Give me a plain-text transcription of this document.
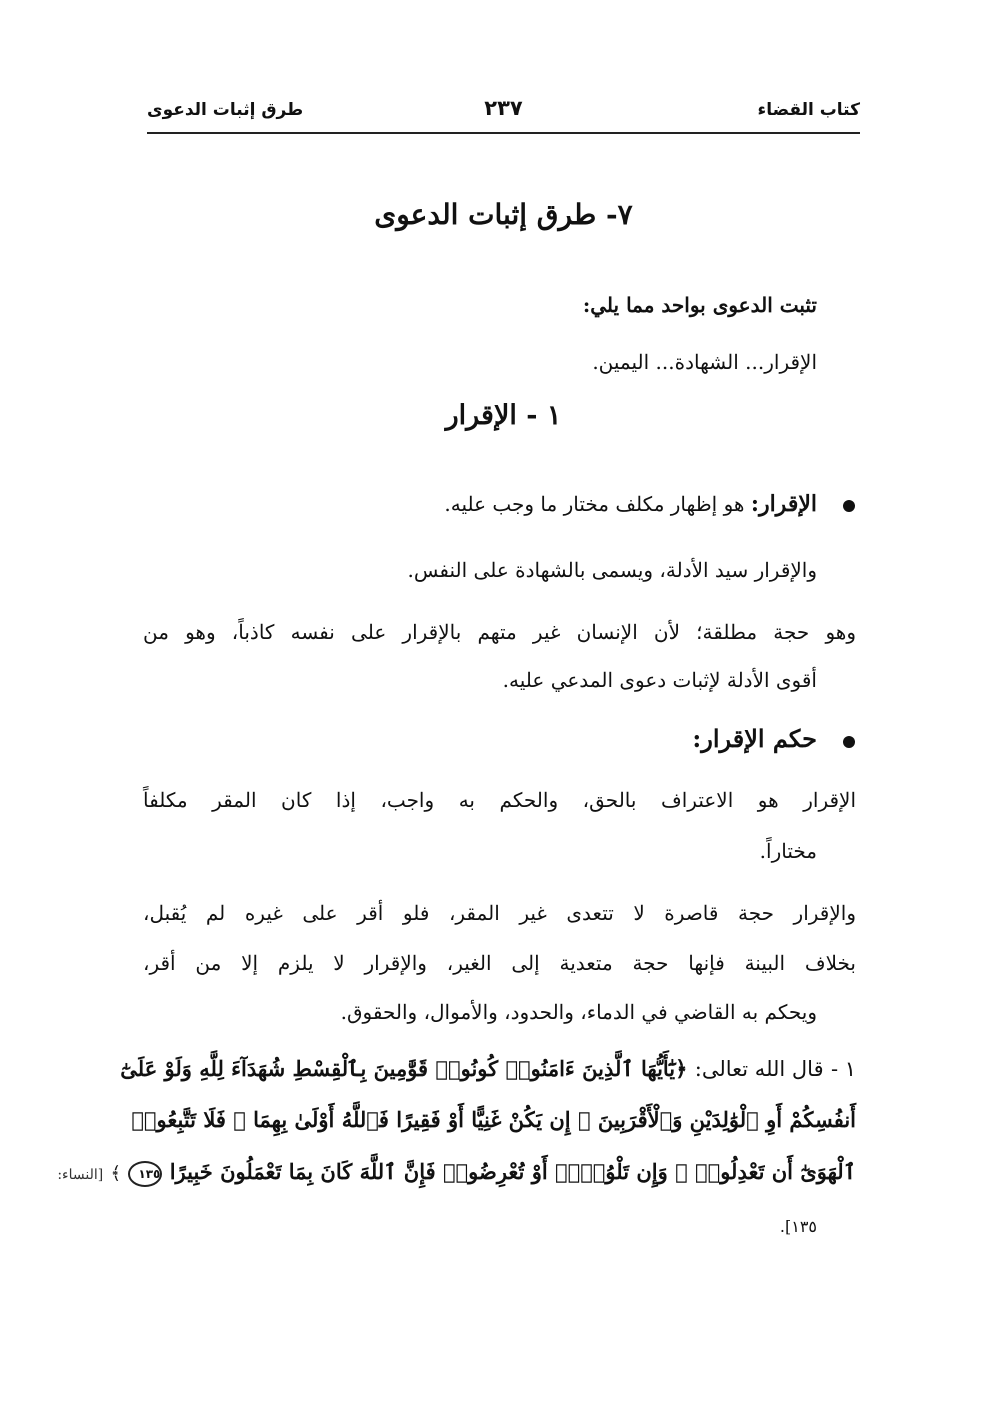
كتاب القضاء
٢٣٧
طرق إثبات الدعوى
٧- طرق إثبات الدعوى
تثبت الدعوى بواحد مما يلي:
الإقرار... الشهادة... اليمين.
١ - الإقرار
الإقرار: هو إظهار مكلف مختار ما وجب عليه.
والإقرار سيد الأدلة، ويسمى بالشهادة على النفس.
وهو حجة مطلقة؛ لأن الإنسان غير متهم بالإقرار على نفسه كاذباً، وهو من
أقوى الأدلة لإثبات دعوى المدعي عليه.
حكم الإقرار:
الإقرار هو الاعتراف بالحق، والحكم به واجب، إذا كان المقر مكلفاً
مختاراً.
والإقرار حجة قاصرة لا تتعدى غير المقر، فلو أقر على غيره لم يُقبل،
بخلاف البينة فإنها حجة متعدية إلى الغير، والإقرار لا يلزم إلا من أقر،
ويحكم به القاضي في الدماء، والحدود، والأموال، والحقوق.
١ - قال الله تعالى: ﴿يَٰٓأَيُّهَا ٱلَّذِينَ ءَامَنُوا۟ كُونُوا۟ قَوَّٰمِينَ بِٱلْقِسْطِ شُهَدَآءَ لِلَّهِ وَلَوْ عَلَىٰٓ
أَنفُسِكُمْ أَوِ ٱلْوَٰلِدَيْنِ وَٱلْأَقْرَبِينَ ۚ إِن يَكُنْ غَنِيًّا أَوْ فَقِيرًا فَٱللَّهُ أَوْلَىٰ بِهِمَا ۖ فَلَا تَتَّبِعُوا۟
ٱلْهَوَىٰٓ أَن تَعْدِلُوا۟ ۚ وَإِن تَلْوُۥٓا۟ أَوْ تُعْرِضُوا۟ فَإِنَّ ٱللَّهَ كَانَ بِمَا تَعْمَلُونَ خَبِيرًا ١٣٥ ﴾ [النساء:
١٣٥].
